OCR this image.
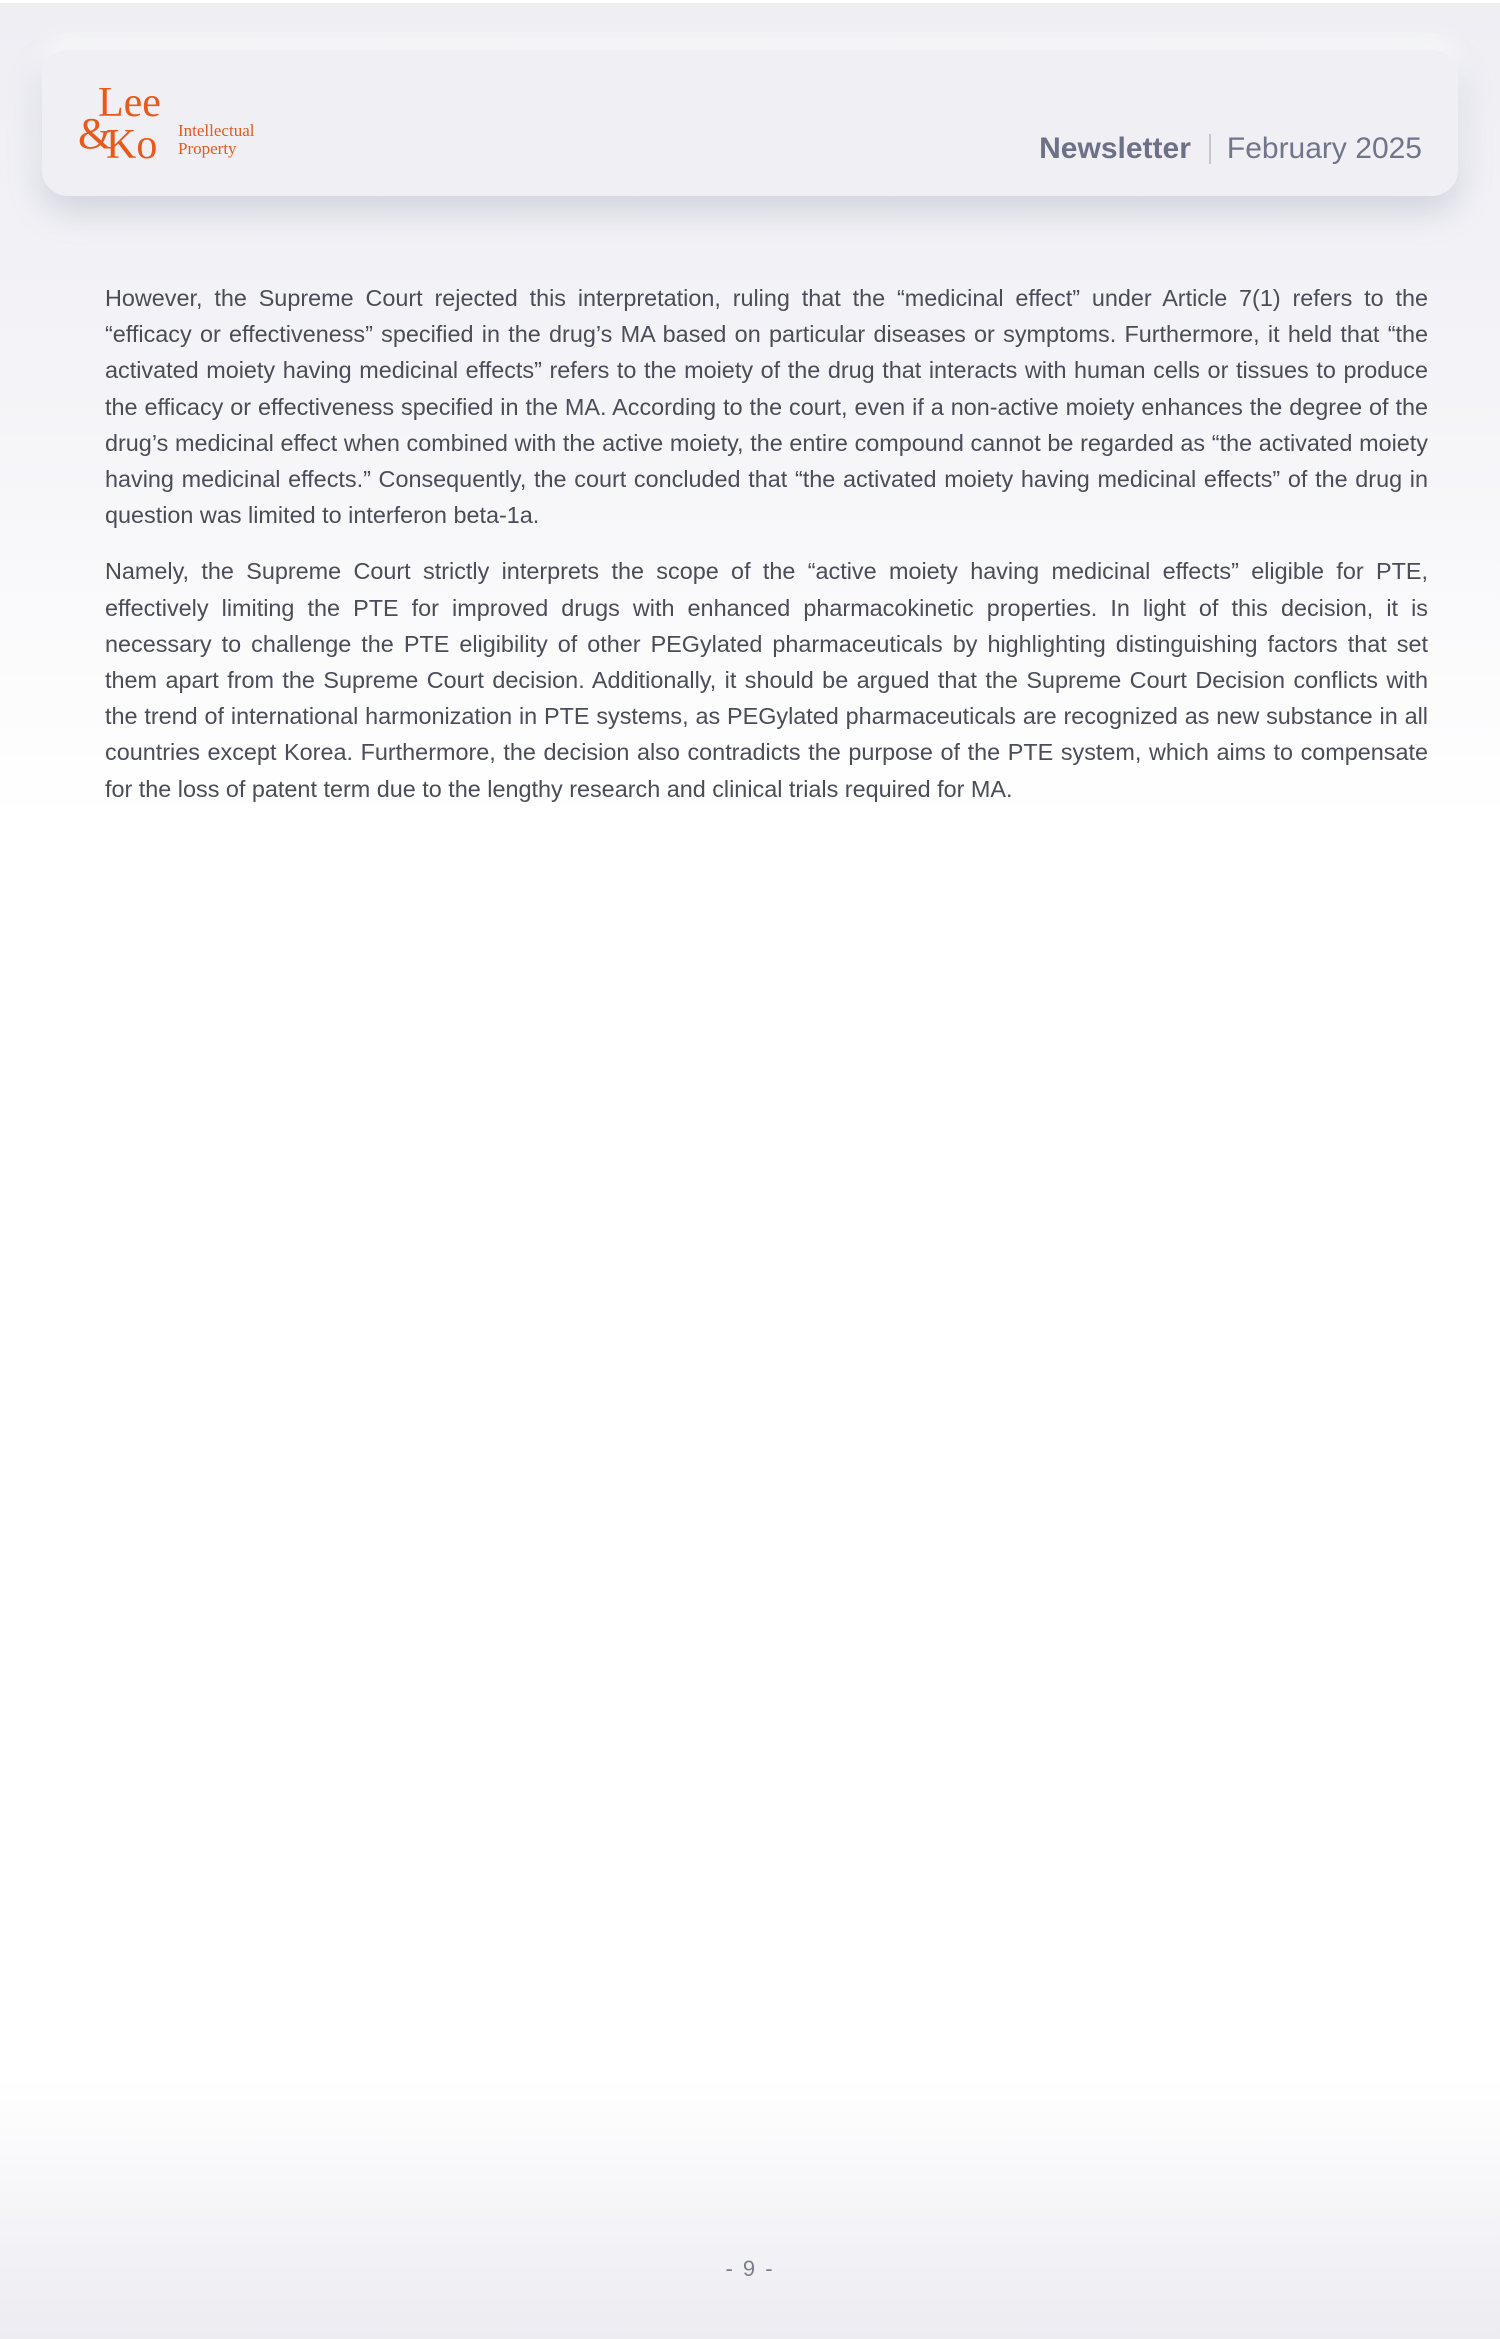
Lee
&
Ko Intellectual
Property	Newsletter February 2025

However, the Supreme Court rejected this interpretation, ruling that the “medicinal effect” under Article 7(1) refers to the “efficacy or effectiveness” specified in the drug’s MA based on particular diseases or symptoms. Furthermore, it held that “the activated moiety having medicinal effects” refers to the moiety of the drug that interacts with human cells or tissues to produce the efficacy or effectiveness specified in the MA. According to the court, even if a non-active moiety enhances the degree of the drug’s medicinal effect when combined with the active moiety, the entire compound cannot be regarded as “the activated moiety having medicinal effects.” Consequently, the court concluded that “the activated moiety having medicinal effects” of the drug in question was limited to interferon beta-1a.

Namely, the Supreme Court strictly interprets the scope of the “active moiety having medicinal effects” eligible for PTE, effectively limiting the PTE for improved drugs with enhanced pharmacokinetic properties. In light of this decision, it is necessary to challenge the PTE eligibility of other PEGylated pharmaceuticals by highlighting distinguishing factors that set them apart from the Supreme Court decision. Additionally, it should be argued that the Supreme Court Decision conflicts with the trend of international harmonization in PTE systems, as PEGylated pharmaceuticals are recognized as new substance in all countries except Korea. Furthermore, the decision also contradicts the purpose of the PTE system, which aims to compensate for the loss of patent term due to the lengthy research and clinical trials required for MA.

- 9 -
